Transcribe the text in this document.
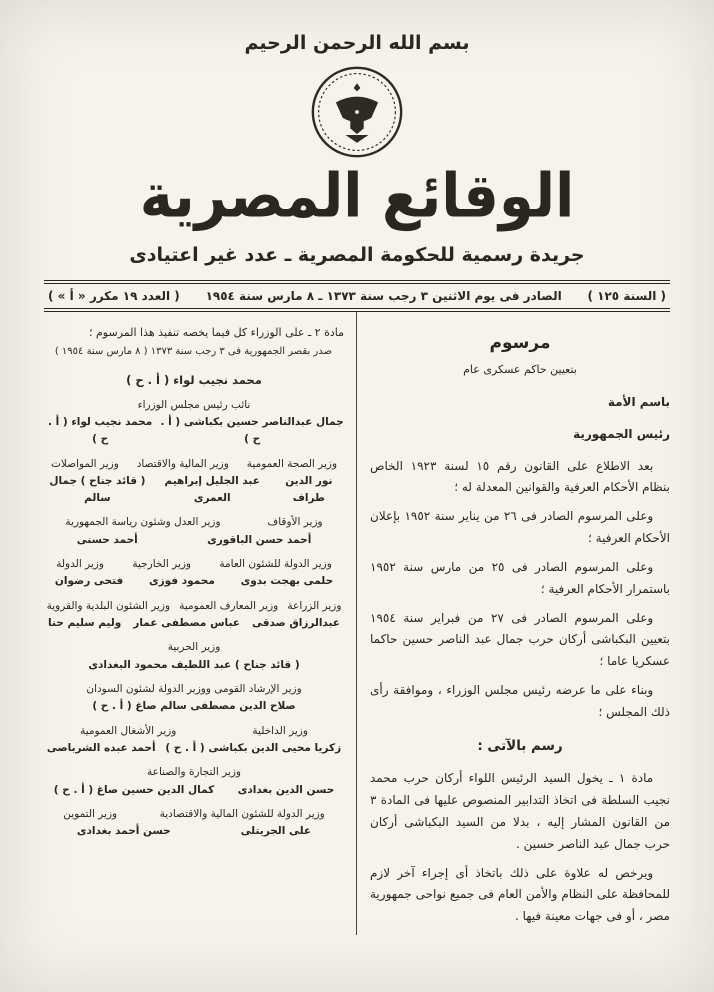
بسم الله الرحمن الرحيم
الوقائع المصرية
جريدة رسمية للحكومة المصرية ـ عدد غير اعتيادى
( السنة ١٢٥ )
الصادر فى يوم الاثنين ٣ رجب سنة ١٣٧٣ ـ ٨ مارس سنة ١٩٥٤
( العدد ١٩ مكرر « أ » )
مرسوم

بتعيين حاكم عسكرى عام

باسم الأمة

رئيس الجمهورية

بعد الاطلاع على القانون رقم ١٥ لسنة ١٩٢٣ الخاص بنظام الأحكام العرفية والقوانين المعدلة له ؛

وعلى المرسوم الصادر فى ٢٦ من يناير سنة ١٩٥٢ بإعلان الأحكام العرفية ؛

وعلى المرسوم الصادر فى ٢٥ من مارس سنة ١٩٥٢ باستمرار الأحكام العرفية ؛

وعلى المرسوم الصادر فى ٢٧ من فبراير سنة ١٩٥٤ بتعيين البكباشى أركان حرب جمال عبد الناصر حسين حاكما عسكريا عاما ؛

وبناء على ما عرضه رئيس مجلس الوزراء ، وموافقة رأى ذلك المجلس ؛

رسم بالآتى :

مادة ١ ـ يخول السيد الرئيس اللواء أركان حرب محمد نجيب السلطة فى اتخاذ التدابير المنصوص عليها فى المادة ٣ من القانون المشار إليه ، بدلا من السيد البكباشى أركان حرب جمال عبد الناصر حسين .

ويرخص له علاوة على ذلك باتخاذ أى إجراء آخر لازم للمحافظة على النظام والأمن العام فى جميع نواحى جمهورية مصر ، أو فى جهات معينة فيها .

مادة ٢ ـ على الوزراء كل فيما يخصه تنفيذ هذا المرسوم ؛

صدر بقصر الجمهورية فى ٣ رجب سنة ١٣٧٣ ( ٨ مارس سنة ١٩٥٤ )

محمد نجيب لواء ( أ . ح )

نائب رئيس مجلس الوزراء
جمال عبدالناصر حسين بكباشى ( أ . ح )
محمد نجيب لواء ( أ . ح )
وزير الصحة العمومية
وزير المالية والاقتصاد
وزير المواصلات
نور الدين طراف
عبد الجليل إبراهيم العمرى
( قائد جناح ) جمال سالم
وزير الأوقاف
وزير العدل وشئون رياسة الجمهورية
أحمد حسن الباقورى
أحمد حسنى
وزير الدولة للشئون العامة
وزير الخارجية
وزير الدولة
حلمى بهجت بدوى
محمود فوزى
فتحى رضوان
وزير الزراعة
وزير المعارف العمومية
وزير الشئون البلدية والقروية
عبدالرزاق صدقى
عباس مصطفى عمار
وليم سليم حنا
وزير الحربية
( قائد جناح ) عبد اللطيف محمود البغدادى
وزير الإرشاد القومى ووزير الدولة لشئون السودان
صلاح الدين مصطفى سالم صاغ ( أ . ح )
وزير الداخلية
وزير الأشغال العمومية
زكريا محيى الدين بكباشى ( أ . ح )
أحمد عبده الشرباصى
وزير التجارة والصناعة
حسن الدين بغدادى
كمال الدين حسين صاغ ( أ . ح )
وزير الدولة للشئون المالية والاقتصادية
وزير التموين
على الجريتلى
حسن أحمد بغدادى
